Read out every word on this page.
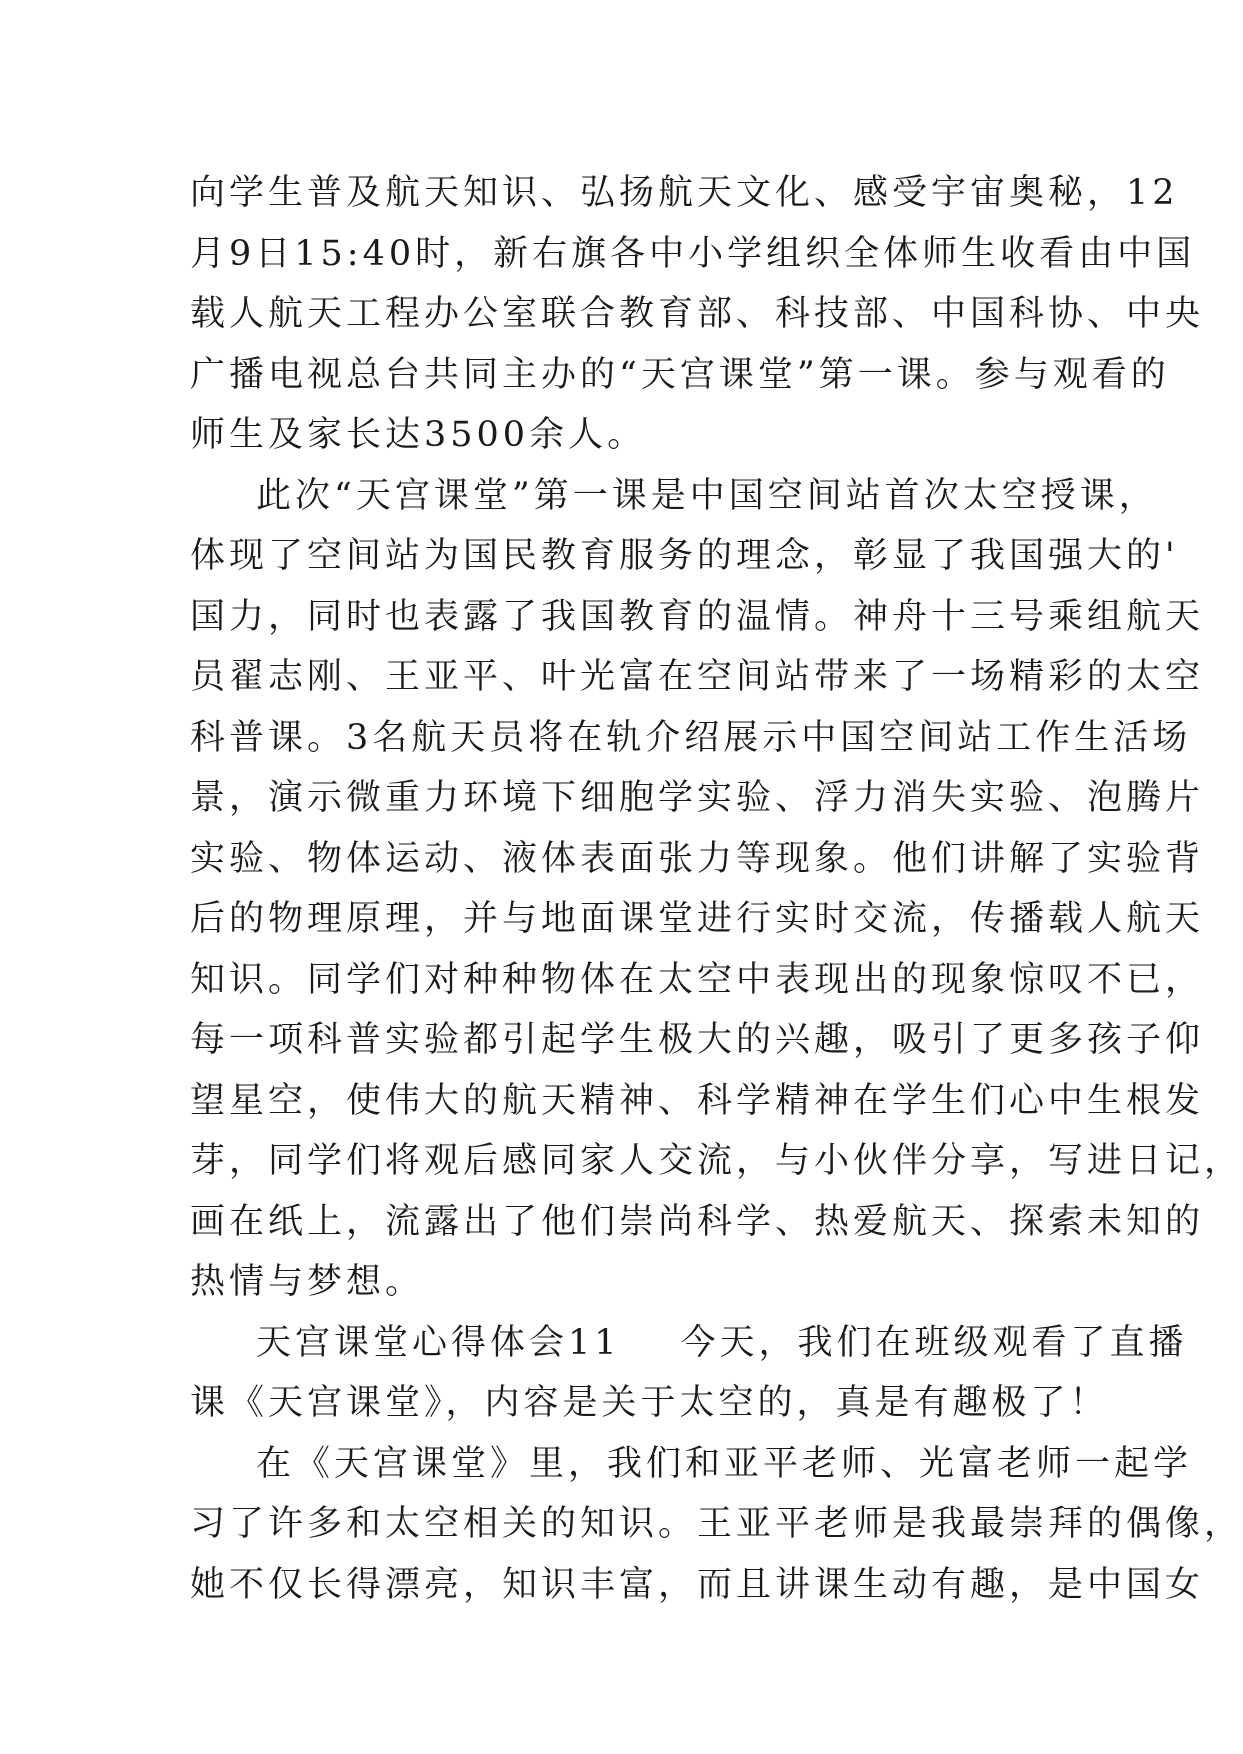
向学生普及航天知识、弘扬航天文化、感受宇宙奥秘，12
月9日15:40时，新右旗各中小学组织全体师生收看由中国
载人航天工程办公室联合教育部、科技部、中国科协、中央
广播电视总台共同主办的“天宫课堂”第一课。参与观看的
师生及家长达3500余人。
此次“天宫课堂”第一课是中国空间站首次太空授课，
体现了空间站为国民教育服务的理念，彰显了我国强大的'
国力，同时也表露了我国教育的温情。神舟十三号乘组航天
员翟志刚、王亚平、叶光富在空间站带来了一场精彩的太空
科普课。3名航天员将在轨介绍展示中国空间站工作生活场
景，演示微重力环境下细胞学实验、浮力消失实验、泡腾片
实验、物体运动、液体表面张力等现象。他们讲解了实验背
后的物理原理，并与地面课堂进行实时交流，传播载人航天
知识。同学们对种种物体在太空中表现出的现象惊叹不已，
每一项科普实验都引起学生极大的兴趣，吸引了更多孩子仰
望星空，使伟大的航天精神、科学精神在学生们心中生根发
芽，同学们将观后感同家人交流，与小伙伴分享，写进日记，
画在纸上，流露出了他们崇尚科学、热爱航天、探索未知的
热情与梦想。
天宫课堂心得体会11 今天，我们在班级观看了直播
课《天宫课堂》，内容是关于太空的，真是有趣极了！
在《天宫课堂》里，我们和亚平老师、光富老师一起学
习了许多和太空相关的知识。王亚平老师是我最崇拜的偶像，
她不仅长得漂亮，知识丰富，而且讲课生动有趣，是中国女
